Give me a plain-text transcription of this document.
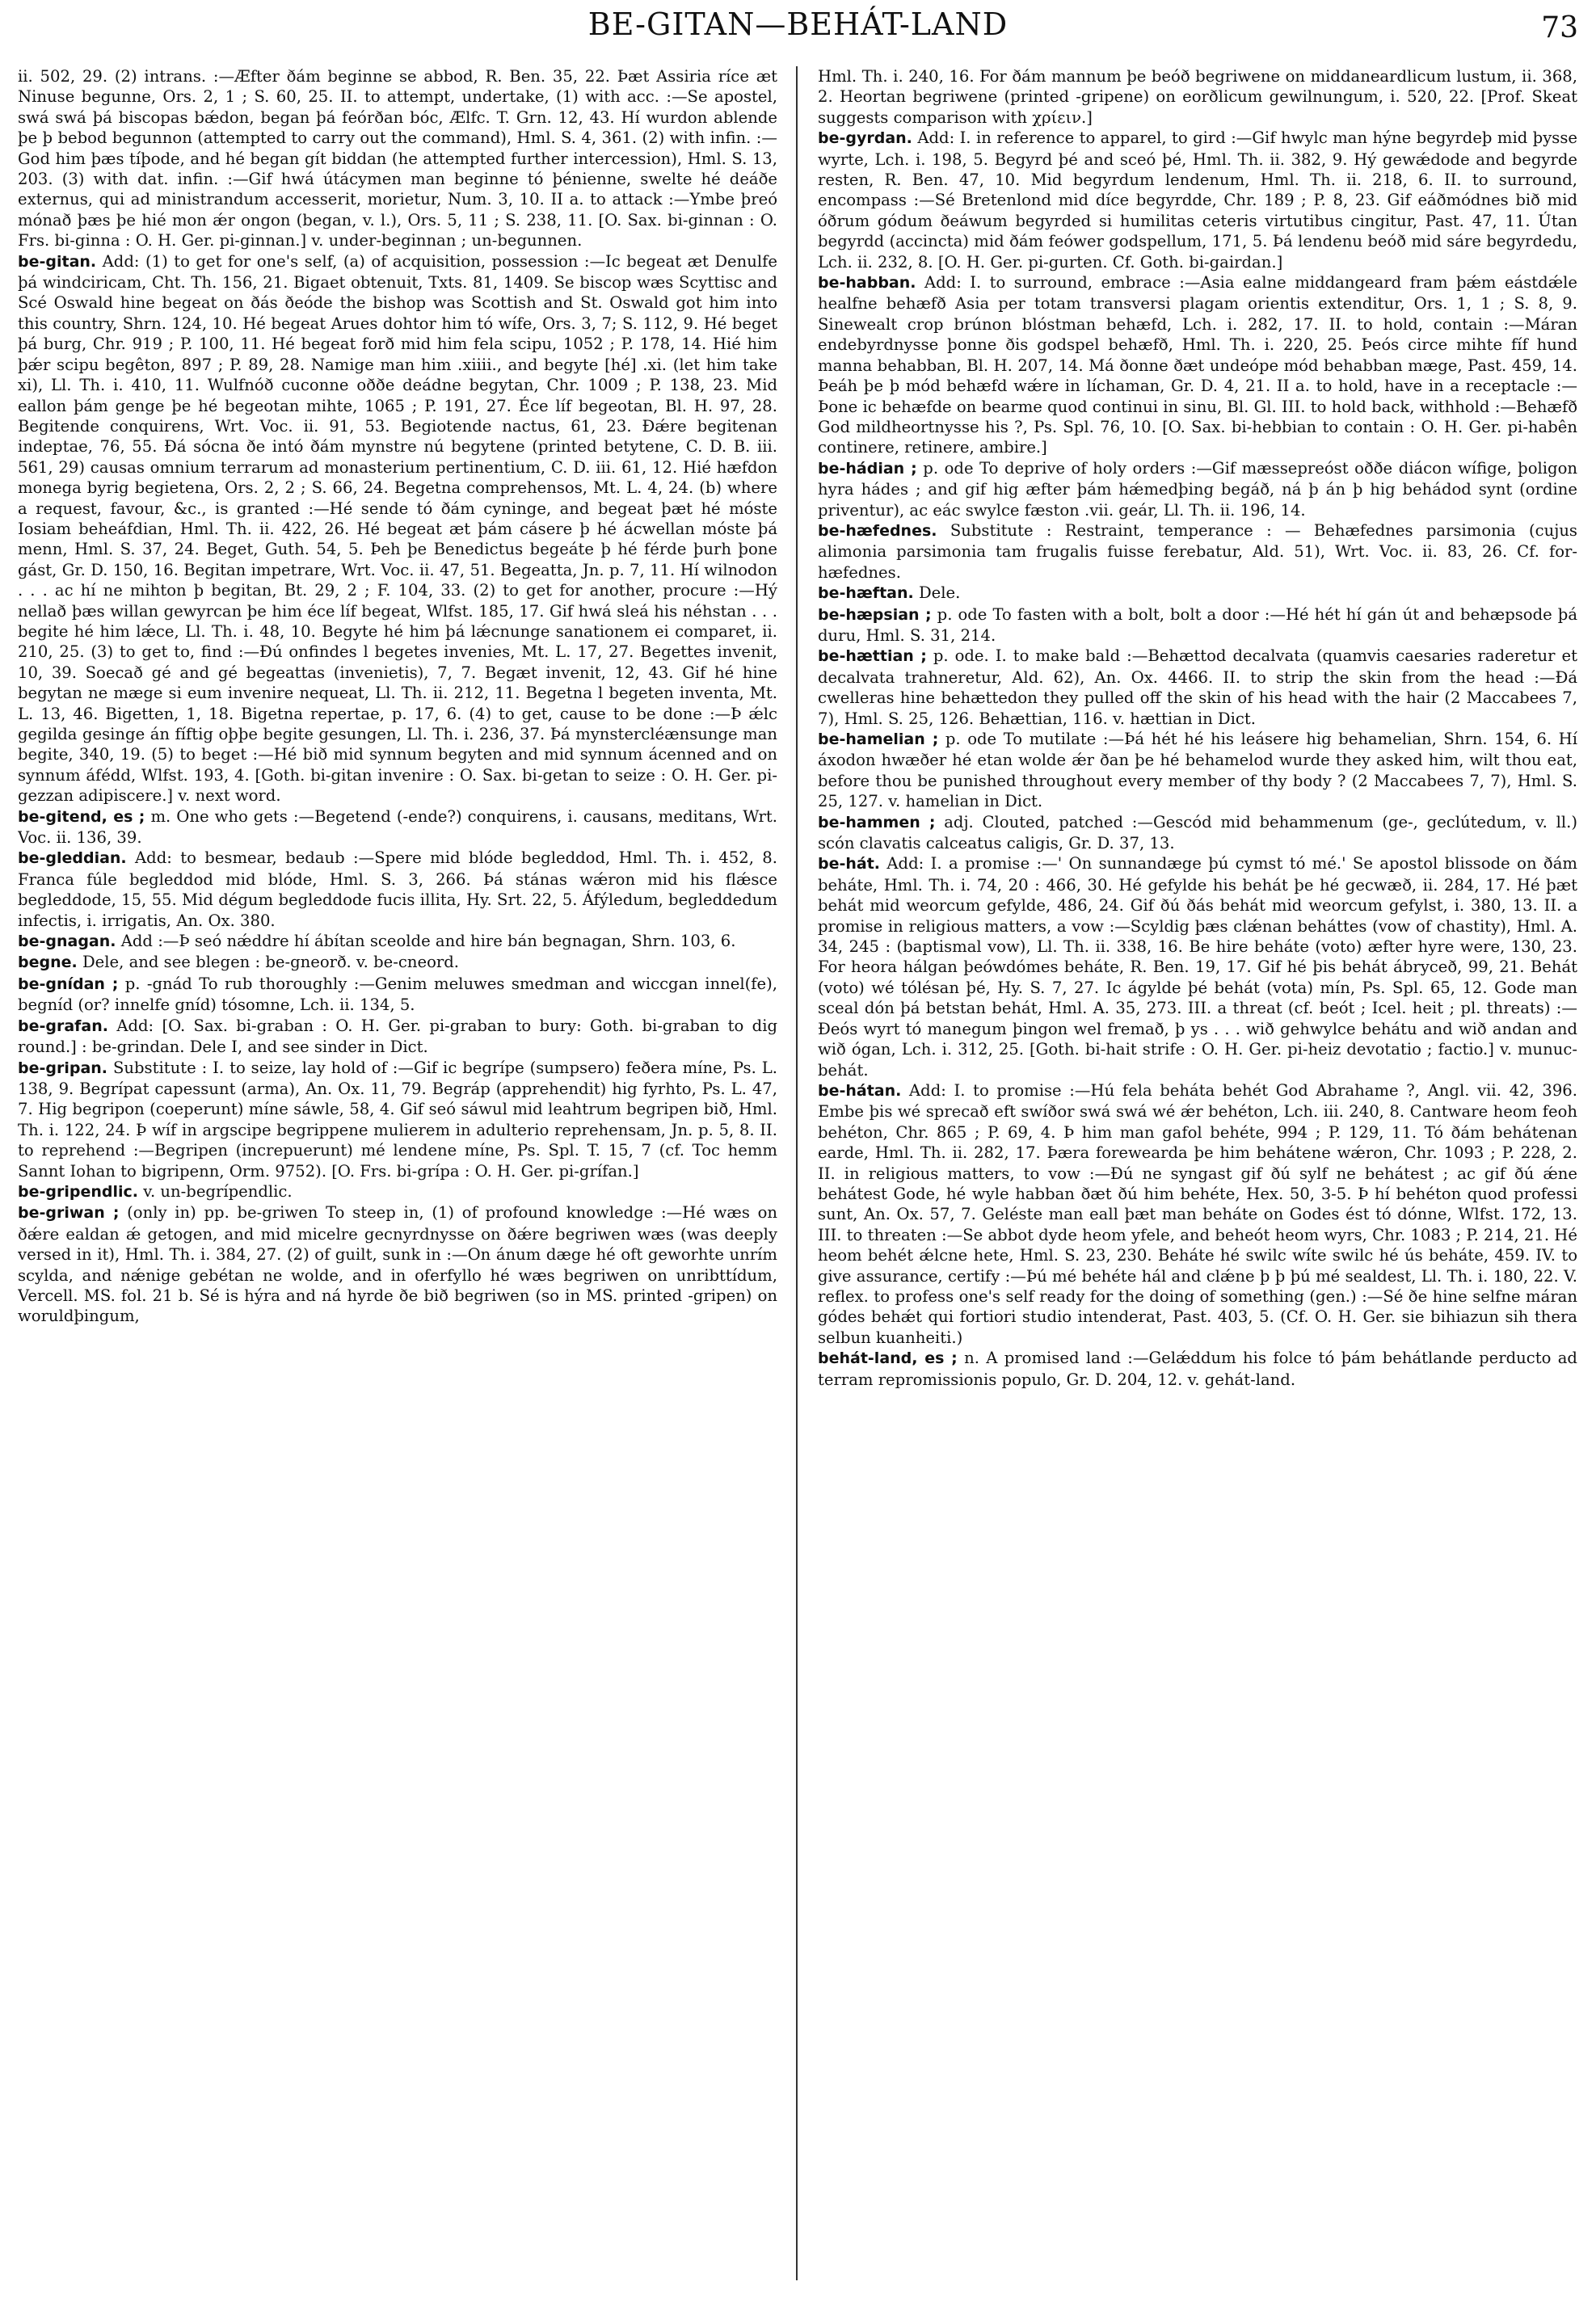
BE-GITAN—BEHÁT-LAND	73

ii. 502, 29. (2) intrans. :—Æfter ðám beginne se abbod, R. Ben. 35, 22. Þæt Assiria ríce æt Ninuse begunne, Ors. 2, 1 ; S. 60, 25. II. to attempt, undertake, (1) with acc. :—Se apostel, swá swá þá biscopas bǽdon, began þá feórðan bóc, Ælfc. T. Grn. 12, 43. Hí wurdon ablende þe þ bebod begunnon (attempted to carry out the command), Hml. S. 4, 361. (2) with infin. :—God him þæs tíþode, and hé began gít biddan (he attempted further intercession), Hml. S. 13, 203. (3) with dat. infin. :—Gif hwá útácymen man beginne tó þénienne, swelte hé deáðe externus, qui ad ministrandum accesserit, morietur, Num. 3, 10. II a. to attack :—Ymbe þreó mónað þæs þe hié mon ǽr ongon (began, v. l.), Ors. 5, 11 ; S. 238, 11. [O. Sax. bi-ginnan : O. Frs. bi-ginna : O. H. Ger. pi-ginnan.] v. under-beginnan ; un-begunnen.

be-gitan. Add: (1) to get for one's self, (a) of acquisition, possession :—Ic begeat æt Denulfe þá windciricam, Cht. Th. 156, 21. Bigaet obtenuit, Txts. 81, 1409. Se biscop wæs Scyttisc and Scé Oswald hine begeat on ðás ðeóde the bishop was Scottish and St. Oswald got him into this country, Shrn. 124, 10. Hé begeat Arues dohtor him tó wífe, Ors. 3, 7; S. 112, 9. Hé beget þá burg, Chr. 919 ; P. 100, 11. Hé begeat forð mid him fela scipu, 1052 ; P. 178, 14. Hié him þǽr scipu begêton, 897 ; P. 89, 28. Namige man him .xiiii., and begyte [hé] .xi. (let him take xi), Ll. Th. i. 410, 11. Wulfnóð cuconne oððe deádne begytan, Chr. 1009 ; P. 138, 23. Mid eallon þám genge þe hé begeotan mihte, 1065 ; P. 191, 27. Éce líf begeotan, Bl. H. 97, 28. Begitende conquirens, Wrt. Voc. ii. 91, 53. Begiotende nactus, 61, 23. Ðǽre begitenan indeptae, 76, 55. Ðá sócna ðe intó ðám mynstre nú begytene (printed betytene, C. D. B. iii. 561, 29) causas omnium terrarum ad monasterium pertinentium, C. D. iii. 61, 12. Hié hæfdon monega byrig begietena, Ors. 2, 2 ; S. 66, 24. Begetna comprehensos, Mt. L. 4, 24. (b) where a request, favour, &c., is granted :—Hé sende tó ðám cyninge, and begeat þæt hé móste Iosiam beheáfdian, Hml. Th. ii. 422, 26. Hé begeat æt þám cásere þ hé ácwellan móste þá menn, Hml. S. 37, 24. Beget, Guth. 54, 5. Þeh þe Benedictus begeáte þ hé férde þurh þone gást, Gr. D. 150, 16. Begitan impetrare, Wrt. Voc. ii. 47, 51. Begeatta, Jn. p. 7, 11. Hí wilnodon . . . ac hí ne mihton þ begitan, Bt. 29, 2 ; F. 104, 33. (2) to get for another, procure :—Hý nellað þæs willan gewyrcan þe him éce líf begeat, Wlfst. 185, 17. Gif hwá sleá his néhstan . . . begite hé him lǽce, Ll. Th. i. 48, 10. Begyte hé him þá lǽcnunge sanationem ei comparet, ii. 210, 25. (3) to get to, find :—Ðú onfindes l begetes invenies, Mt. L. 17, 27. Begettes invenit, 10, 39. Soecað gé and gé begeattas (invenietis), 7, 7. Begæt invenit, 12, 43. Gif hé hine begytan ne mæge si eum invenire nequeat, Ll. Th. ii. 212, 11. Begetna l begeten inventa, Mt. L. 13, 46. Bigetten, 1, 18. Bigetna repertae, p. 17, 6. (4) to get, cause to be done :—Þ ǽlc gegilda gesinge án fíftig oþþe begite gesungen, Ll. Th. i. 236, 37. Þá mynstercléænsunge man begite, 340, 19. (5) to beget :—Hé bið mid synnum begyten and mid synnum ácenned and on synnum áfédd, Wlfst. 193, 4. [Goth. bi-gitan invenire : O. Sax. bi-getan to seize : O. H. Ger. pi-gezzan adipiscere.] v. next word.

be-gitend, es ; m. One who gets :—Begetend (-ende?) conquirens, i. causans, meditans, Wrt. Voc. ii. 136, 39.

be-gleddian. Add: to besmear, bedaub :—Spere mid blóde begleddod, Hml. Th. i. 452, 8. Franca fúle begleddod mid blóde, Hml. S. 3, 266. Þá stánas wǽron mid his flǽsce begleddode, 15, 55. Mid dégum begleddode fucis illita, Hy. Srt. 22, 5. Áfýledum, begleddedum infectis, i. irrigatis, An. Ox. 380.

be-gnagan. Add :—Þ seó nǽddre hí ábítan sceolde and hire bán begnagan, Shrn. 103, 6.

begne. Dele, and see blegen : be-gneorð. v. be-cneord.

be-gnídan ; p. -gnád To rub thoroughly :—Genim meluwes smedman and wiccgan innel(fe), begníd (or? innelfe gníd) tósomne, Lch. ii. 134, 5.

be-grafan. Add: [O. Sax. bi-graban : O. H. Ger. pi-graban to bury: Goth. bi-graban to dig round.] : be-grindan. Dele I, and see sinder in Dict.

be-gripan. Substitute : I. to seize, lay hold of :—Gif ic begrípe (sumpsero) feðera míne, Ps. L. 138, 9. Begrípat capessunt (arma), An. Ox. 11, 79. Begráp (apprehendit) hig fyrhto, Ps. L. 47, 7. Hig begripon (coeperunt) míne sáwle, 58, 4. Gif seó sáwul mid leahtrum begripen bið, Hml. Th. i. 122, 24. Þ wíf in argscipe begrippene mulierem in adulterio reprehensam, Jn. p. 5, 8. II. to reprehend :—Begripen (increpuerunt) mé lendene míne, Ps. Spl. T. 15, 7 (cf. Toc hemm Sannt Iohan to bigripenn, Orm. 9752). [O. Frs. bi-grípa : O. H. Ger. pi-grífan.]

be-gripendlic. v. un-begrípendlic.

be-griwan ; (only in) pp. be-griwen To steep in, (1) of profound knowledge :—Hé wæs on ðǽre ealdan ǽ getogen, and mid micelre gecnyrdnysse on ðǽre begriwen wæs (was deeply versed in it), Hml. Th. i. 384, 27. (2) of guilt, sunk in :—On ánum dæge hé oft geworhte unrím scylda, and nǽnige gebétan ne wolde, and in oferfyllo hé wæs begriwen on unribttídum, Vercell. MS. fol. 21 b. Sé is hýra and ná hyrde ðe bið begriwen (so in MS. printed -gripen) on woruldþingum,

Hml. Th. i. 240, 16. For ðám mannum þe beóð begriwene on middaneardlicum lustum, ii. 368, 2. Heortan begriwene (printed -gripene) on eorðlicum gewilnungum, i. 520, 22. [Prof. Skeat suggests comparison with χρίειν.]

be-gyrdan. Add: I. in reference to apparel, to gird :—Gif hwylc man hýne begyrdeþ mid þysse wyrte, Lch. i. 198, 5. Begyrd þé and sceó þé, Hml. Th. ii. 382, 9. Hý gewǽdode and begyrde resten, R. Ben. 47, 10. Mid begyrdum lendenum, Hml. Th. ii. 218, 6. II. to surround, encompass :—Sé Bretenlond mid díce begyrdde, Chr. 189 ; P. 8, 23. Gif eáðmódnes bið mid óðrum gódum ðeáwum begyrded si humilitas ceteris virtutibus cingitur, Past. 47, 11. Útan begyrdd (accincta) mid ðám feówer godspellum, 171, 5. Þá lendenu beóð mid sáre begyrdedu, Lch. ii. 232, 8. [O. H. Ger. pi-gurten. Cf. Goth. bi-gairdan.]

be-habban. Add: I. to surround, embrace :—Asia ealne middangeard fram þǽm eástdǽle healfne behæfð Asia per totam transversi plagam orientis extenditur, Ors. 1, 1 ; S. 8, 9. Sinewealt crop brúnon blóstman behæfd, Lch. i. 282, 17. II. to hold, contain :—Máran endebyrdnysse þonne ðis godspel behæfð, Hml. Th. i. 220, 25. Þeós circe mihte fíf hund manna behabban, Bl. H. 207, 14. Má ðonne ðæt undeópe mód behabban mæge, Past. 459, 14. Þeáh þe þ mód behæfd wǽre in líchaman, Gr. D. 4, 21. II a. to hold, have in a receptacle :—Þone ic behæfde on bearme quod continui in sinu, Bl. Gl. III. to hold back, withhold :—Behæfð God mildheortnysse his ?, Ps. Spl. 76, 10. [O. Sax. bi-hebbian to contain : O. H. Ger. pi-habên continere, retinere, ambire.]

be-hádian ; p. ode To deprive of holy orders :—Gif mæssepreóst oððe diácon wífige, þoligon hyra hádes ; and gif hig æfter þám hǽmedþing begáð, ná þ án þ hig behádod synt (ordine priventur), ac eác swylce fæston .vii. geár, Ll. Th. ii. 196, 14.

be-hæfednes. Substitute : Restraint, temperance : — Behæfednes parsimonia (cujus alimonia parsimonia tam frugalis fuisse ferebatur, Ald. 51), Wrt. Voc. ii. 83, 26. Cf. for-hæfednes.

be-hæftan. Dele.

be-hæpsian ; p. ode To fasten with a bolt, bolt a door :—Hé hét hí gán út and behæpsode þá duru, Hml. S. 31, 214.

be-hættian ; p. ode. I. to make bald :—Behættod decalvata (quamvis caesaries raderetur et decalvata trahneretur, Ald. 62), An. Ox. 4466. II. to strip the skin from the head :—Ðá cwelleras hine behættedon they pulled off the skin of his head with the hair (2 Maccabees 7, 7), Hml. S. 25, 126. Behættian, 116. v. hættian in Dict.

be-hamelian ; p. ode To mutilate :—Þá hét hé his leásere hig behamelian, Shrn. 154, 6. Hí áxodon hwæðer hé etan wolde ǽr ðan þe hé behamelod wurde they asked him, wilt thou eat, before thou be punished throughout every member of thy body ? (2 Maccabees 7, 7), Hml. S. 25, 127. v. hamelian in Dict.

be-hammen ; adj. Clouted, patched :—Gescód mid behammenum (ge-, geclútedum, v. ll.) scón clavatis calceatus caligis, Gr. D. 37, 13.

be-hát. Add: I. a promise :—' On sunnandæge þú cymst tó mé.' Se apostol blissode on ðám beháte, Hml. Th. i. 74, 20 : 466, 30. Hé gefylde his behát þe hé gecwæð, ii. 284, 17. Hé þæt behát mid weorcum gefylde, 486, 24. Gif ðú ðás behát mid weorcum gefylst, i. 380, 13. II. a promise in religious matters, a vow :—Scyldig þæs clǽnan beháttes (vow of chastity), Hml. A. 34, 245 : (baptismal vow), Ll. Th. ii. 338, 16. Be hire beháte (voto) æfter hyre were, 130, 23. For heora hálgan þeówdómes beháte, R. Ben. 19, 17. Gif hé þis behát ábryceð, 99, 21. Behát (voto) wé tólésan þé, Hy. S. 7, 27. Ic ágylde þé behát (vota) mín, Ps. Spl. 65, 12. Gode man sceal dón þá betstan behát, Hml. A. 35, 273. III. a threat (cf. beót ; Icel. heit ; pl. threats) :—Ðeós wyrt tó manegum þingon wel fremað, þ ys . . . wið gehwylce behátu and wið andan and wið ógan, Lch. i. 312, 25. [Goth. bi-hait strife : O. H. Ger. pi-heiz devotatio ; factio.] v. munuc-behát.

be-hátan. Add: I. to promise :—Hú fela beháta behét God Abrahame ?, Angl. vii. 42, 396. Embe þis wé sprecað eft swíðor swá swá wé ǽr behéton, Lch. iii. 240, 8. Cantware heom feoh behéton, Chr. 865 ; P. 69, 4. Þ him man gafol behéte, 994 ; P. 129, 11. Tó ðám behátenan earde, Hml. Th. ii. 282, 17. Þæra forewearda þe him behátene wǽron, Chr. 1093 ; P. 228, 2. II. in religious matters, to vow :—Ðú ne syngast gif ðú sylf ne behátest ; ac gif ðú ǽne behátest Gode, hé wyle habban ðæt ðú him behéte, Hex. 50, 3-5. Þ hí behéton quod professi sunt, An. Ox. 57, 7. Geléste man eall þæt man beháte on Godes ést tó dónne, Wlfst. 172, 13. III. to threaten :—Se abbot dyde heom yfele, and beheót heom wyrs, Chr. 1083 ; P. 214, 21. Hé heom behét ǽlcne hete, Hml. S. 23, 230. Beháte hé swilc wíte swilc hé ús beháte, 459. IV. to give assurance, certify :—Þú mé behéte hál and clǽne þ þ þú mé sealdest, Ll. Th. i. 180, 22. V. reflex. to profess one's self ready for the doing of something (gen.) :—Sé ðe hine selfne máran gódes behǽt qui fortiori studio intenderat, Past. 403, 5. (Cf. O. H. Ger. sie bihiazun sih thera selbun kuanheiti.)

behát-land, es ; n. A promised land :—Gelǽddum his folce tó þám behátlande perducto ad terram repromissionis populo, Gr. D. 204, 12. v. gehát-land.
